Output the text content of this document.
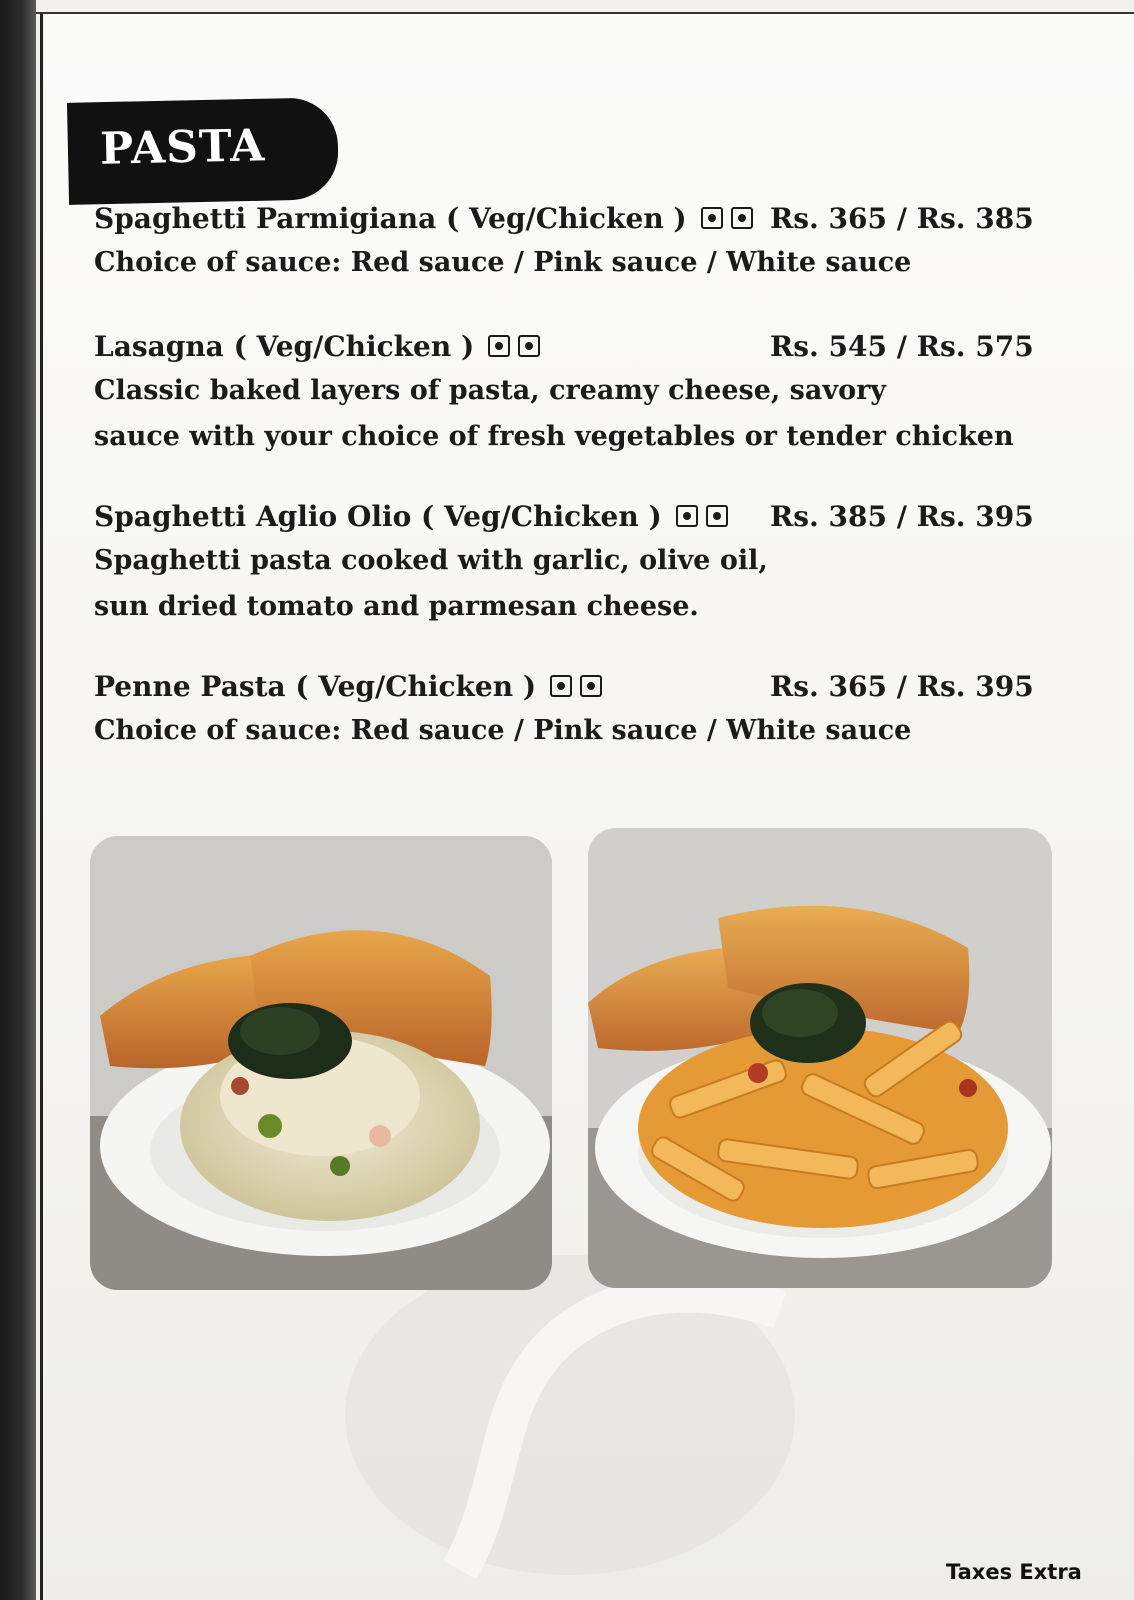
PASTA
Spaghetti Parmigiana ( Veg/Chicken )	Rs. 365 / Rs. 385
Choice of sauce: Red sauce / Pink sauce / White sauce
Lasagna ( Veg/Chicken )	Rs. 545 / Rs. 575
Classic baked layers of pasta, creamy cheese, savory
sauce with your choice of fresh vegetables or tender chicken
Spaghetti Aglio Olio ( Veg/Chicken )	Rs. 385 / Rs. 395
Spaghetti pasta cooked with garlic, olive oil,
sun dried tomato and parmesan cheese.
Penne Pasta ( Veg/Chicken )	Rs. 365 / Rs. 395
Choice of sauce: Red sauce / Pink sauce / White sauce
Taxes Extra
